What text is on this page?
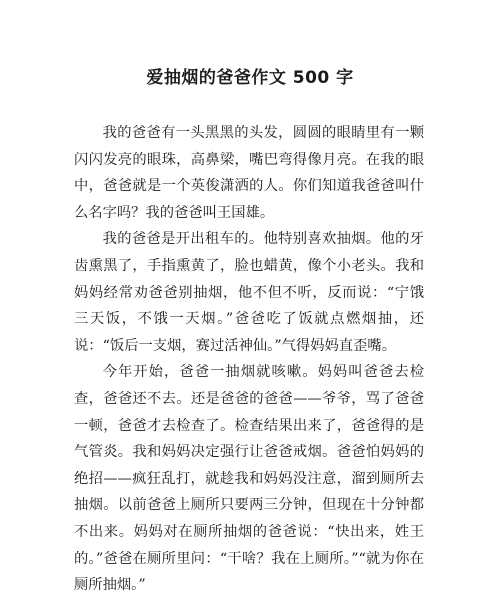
爱抽烟的爸爸作文 500 字

我的爸爸有一头黑黑的头发，圆圆的眼睛里有一颗闪闪发亮的眼珠，高鼻梁，嘴巴弯得像月亮。在我的眼中，爸爸就是一个英俊潇洒的人。你们知道我爸爸叫什么名字吗？我的爸爸叫王国雄。

我的爸爸是开出租车的。他特别喜欢抽烟。他的牙齿熏黑了，手指熏黄了，脸也蜡黄，像个小老头。我和妈妈经常劝爸爸别抽烟，他不但不听，反而说：“宁饿三天饭，不饿一天烟。”爸爸吃了饭就点燃烟抽，还说：“饭后一支烟，赛过活神仙。”气得妈妈直歪嘴。

今年开始，爸爸一抽烟就咳嗽。妈妈叫爸爸去检查，爸爸还不去。还是爸爸的爸爸——爷爷，骂了爸爸一顿，爸爸才去检查了。检查结果出来了，爸爸得的是气管炎。我和妈妈决定强行让爸爸戒烟。爸爸怕妈妈的绝招——疯狂乱打，就趁我和妈妈没注意，溜到厕所去抽烟。以前爸爸上厕所只要两三分钟，但现在十分钟都不出来。妈妈对在厕所抽烟的爸爸说：“快出来，姓王的。”爸爸在厕所里问：“干啥？我在上厕所。”“就为你在厕所抽烟。”
